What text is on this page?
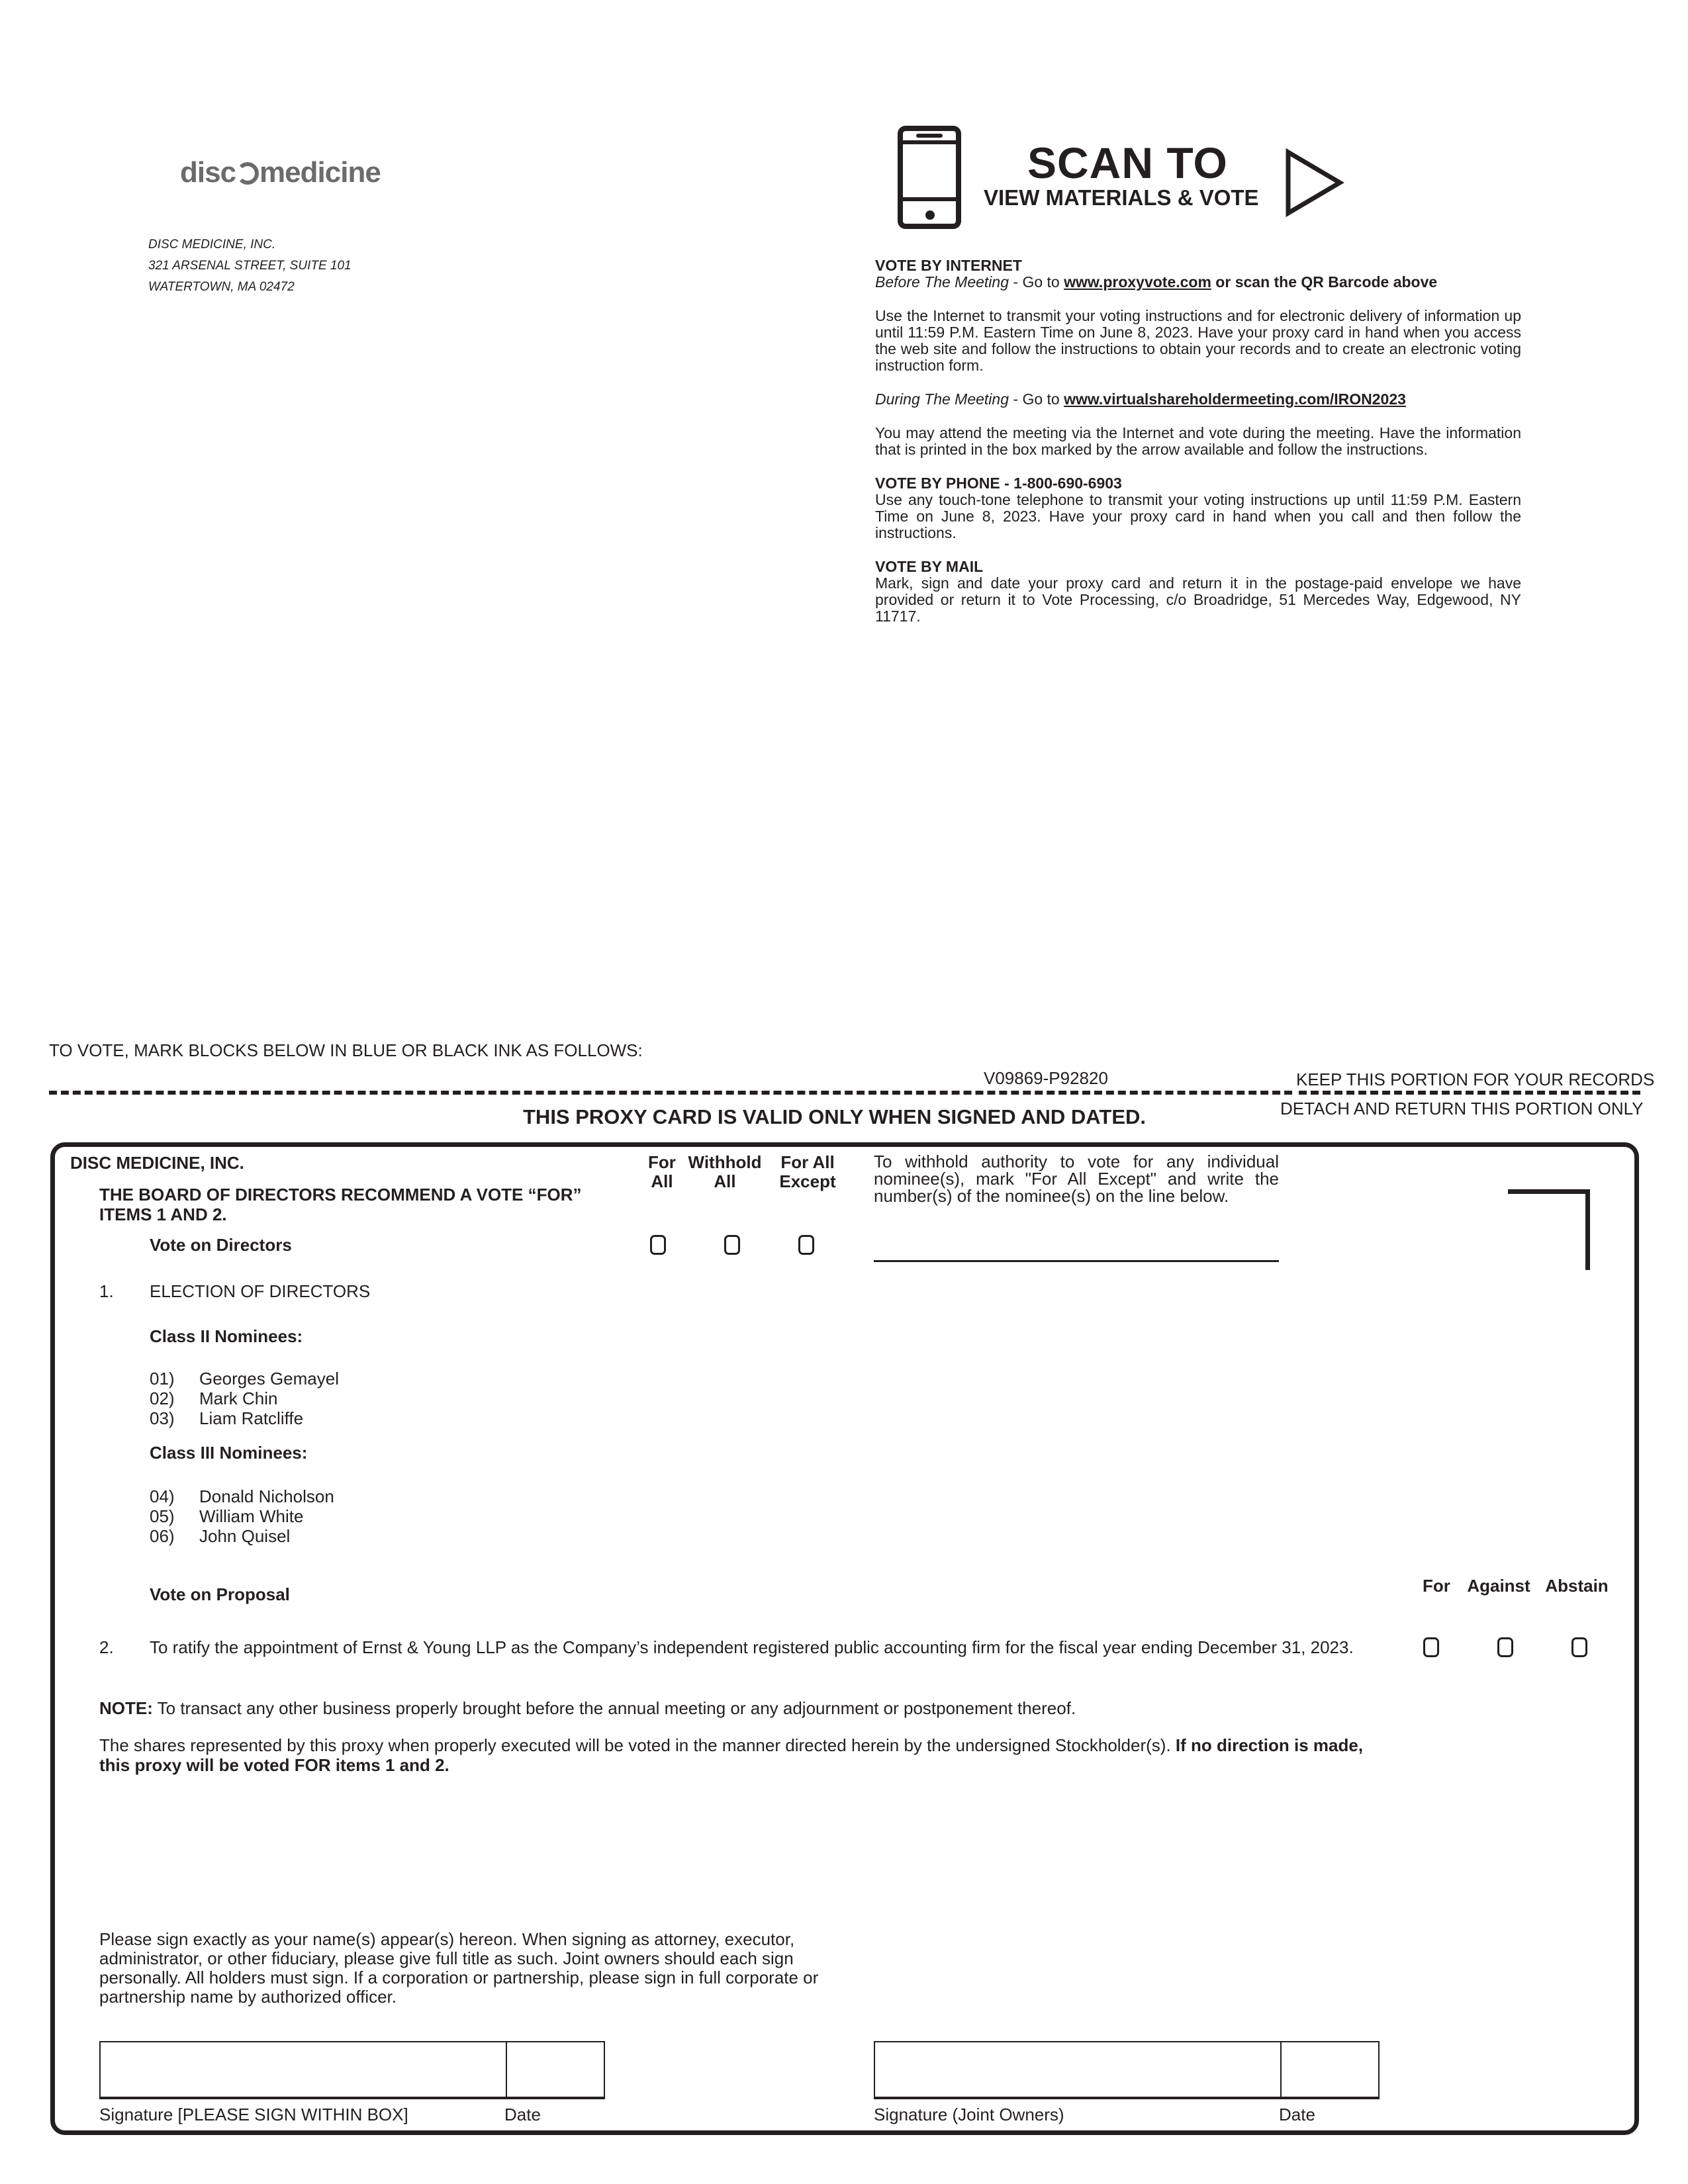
disc medicine
DISC MEDICINE, INC.
321 ARSENAL STREET, SUITE 101
WATERTOWN, MA 02472
SCAN TO
VIEW MATERIALS & VOTE
VOTE BY INTERNET
Before The Meeting - Go to www.proxyvote.com or scan the QR Barcode above
Use the Internet to transmit your voting instructions and for electronic delivery of information up until 11:59 P.M. Eastern Time on June 8, 2023. Have your proxy card in hand when you access the web site and follow the instructions to obtain your records and to create an electronic voting instruction form.
During The Meeting - Go to www.virtualshareholdermeeting.com/IRON2023
You may attend the meeting via the Internet and vote during the meeting. Have the information that is printed in the box marked by the arrow available and follow the instructions.
VOTE BY PHONE - 1-800-690-6903
Use any touch-tone telephone to transmit your voting instructions up until 11:59 P.M. Eastern Time on June 8, 2023. Have your proxy card in hand when you call and then follow the instructions.
VOTE BY MAIL
Mark, sign and date your proxy card and return it in the postage-paid envelope we have provided or return it to Vote Processing, c/o Broadridge, 51 Mercedes Way, Edgewood, NY 11717.
TO VOTE, MARK BLOCKS BELOW IN BLUE OR BLACK INK AS FOLLOWS:
V09869-P92820	KEEP THIS PORTION FOR YOUR RECORDS
DETACH AND RETURN THIS PORTION ONLY
THIS PROXY CARD IS VALID ONLY WHEN SIGNED AND DATED.
DISC MEDICINE, INC.
THE BOARD OF DIRECTORS RECOMMEND A VOTE “FOR”
ITEMS 1 AND 2.
Vote on Directors
For
All
Withhold
All
For All
Except
To withhold authority to vote for any individual nominee(s), mark "For All Except" and write the number(s) of the nominee(s) on the line below.
1. ELECTION OF DIRECTORS
Class II Nominees:
01) Georges Gemayel
02) Mark Chin
03) Liam Ratcliffe
Class III Nominees:
04) Donald Nicholson
05) William White
06) John Quisel
Vote on Proposal	For Against Abstain
2. To ratify the appointment of Ernst & Young LLP as the Company’s independent registered public accounting firm for the fiscal year ending December 31, 2023.
NOTE: To transact any other business properly brought before the annual meeting or any adjournment or postponement thereof.
The shares represented by this proxy when properly executed will be voted in the manner directed herein by the undersigned Stockholder(s). If no direction is made, this proxy will be voted FOR items 1 and 2.
Please sign exactly as your name(s) appear(s) hereon. When signing as attorney, executor, administrator, or other fiduciary, please give full title as such. Joint owners should each sign personally. All holders must sign. If a corporation or partnership, please sign in full corporate or partnership name by authorized officer.
Signature [PLEASE SIGN WITHIN BOX]	Date	Signature (Joint Owners)	Date
